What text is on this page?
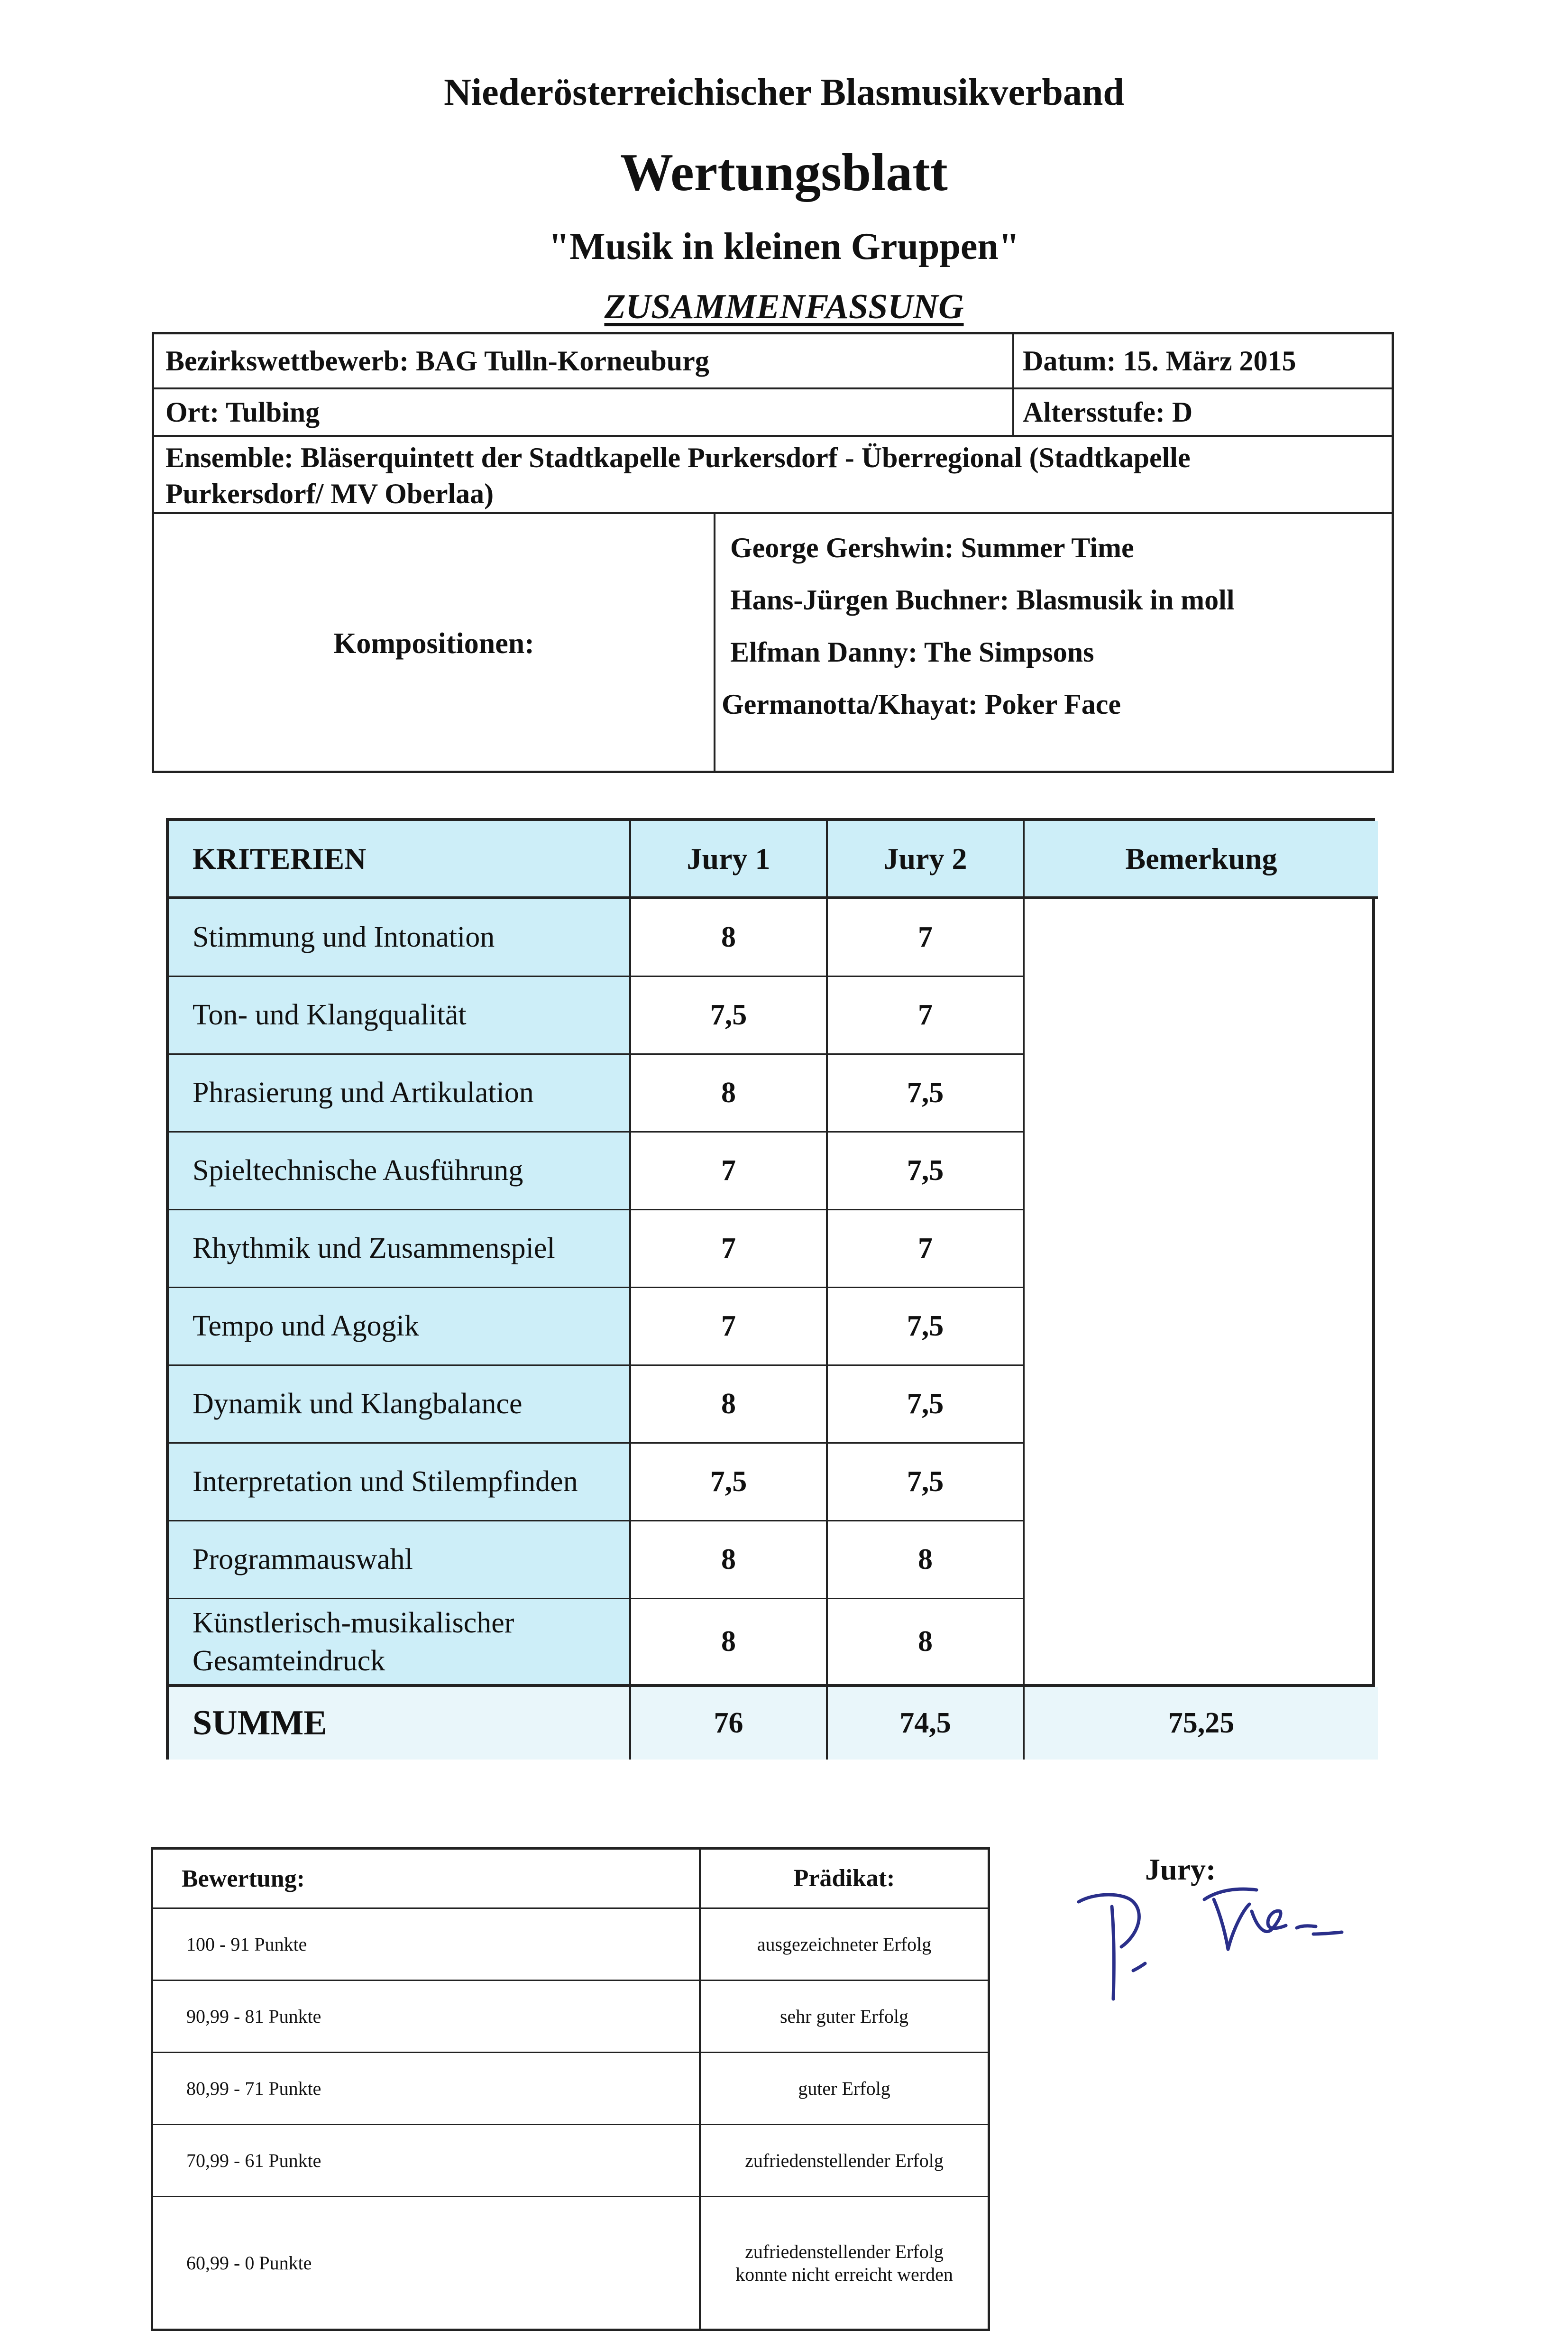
Niederösterreichischer Blasmusikverband
Wertungsblatt
"Musik in kleinen Gruppen"
ZUSAMMENFASSUNG
Bezirkswettbewerb: BAG Tulln-Korneuburg	Datum: 15. März 2015
Ort: Tulbing	Altersstufe: D
Ensemble: Bläserquintett der Stadtkapelle Purkersdorf - Überregional (Stadtkapelle
Purkersdorf/ MV Oberlaa)
Kompositionen:
George Gershwin: Summer Time
Hans-Jürgen Buchner: Blasmusik in moll
Elfman Danny: The Simpsons
Germanotta/Khayat: Poker Face
KRITERIEN	Jury 1	Jury 2	Bemerkung
Stimmung und Intonation	8	7
Ton- und Klangqualität	7,5	7
Phrasierung und Artikulation	8	7,5
Spieltechnische Ausführung	7	7,5
Rhythmik und Zusammenspiel	7	7
Tempo und Agogik	7	7,5
Dynamik und Klangbalance	8	7,5
Interpretation und Stilempfinden	7,5	7,5
Programmauswahl	8	8
Künstlerisch-musikalischer
Gesamteindruck
8	8
SUMME	76	74,5	75,25
Bewertung:	Prädikat:
100 - 91 Punkte	ausgezeichneter Erfolg
90,99 - 81 Punkte	sehr guter Erfolg
80,99 - 71 Punkte	guter Erfolg
70,99 - 61 Punkte	zufriedenstellender Erfolg
60,99 - 0 Punkte
zufriedenstellender Erfolg
konnte nicht erreicht werden
Jury:
